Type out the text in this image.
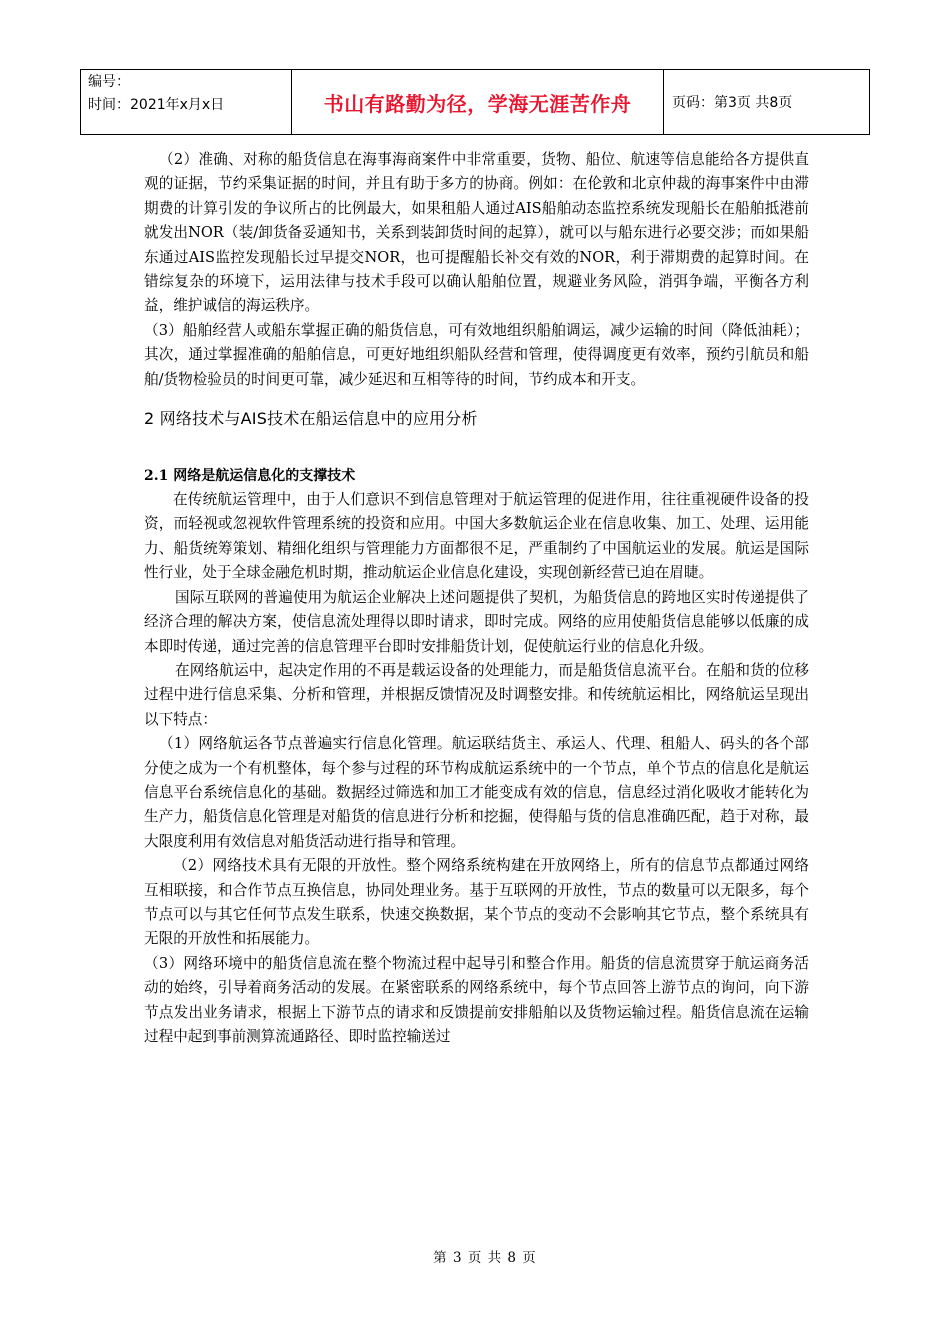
编号：
时间：2021年x月x日	书山有路勤为径，学海无涯苦作舟	页码：第3页 共8页

（2）准确、对称的船货信息在海事海商案件中非常重要，货物、船位、航速等信息能给各方提供直观的证据，节约采集证据的时间，并且有助于多方的协商。例如：在伦敦和北京仲裁的海事案件中由滞期费的计算引发的争议所占的比例最大，如果租船人通过AIS船舶动态监控系统发现船长在船舶抵港前就发出NOR（装/卸货备妥通知书，关系到装卸货时间的起算），就可以与船东进行必要交涉；而如果船东通过AIS监控发现船长过早提交NOR，也可提醒船长补交有效的NOR，利于滞期费的起算时间。在错综复杂的环境下，运用法律与技术手段可以确认船舶位置，规避业务风险，消弭争端，平衡各方利益，维护诚信的海运秩序。

（3）船舶经营人或船东掌握正确的船货信息，可有效地组织船舶调运，减少运输的时间（降低油耗）；其次，通过掌握准确的船舶信息，可更好地组织船队经营和管理，使得调度更有效率，预约引航员和船舶/货物检验员的时间更可靠，减少延迟和互相等待的时间，节约成本和开支。

2 网络技术与AIS技术在船运信息中的应用分析
2.1 网络是航运信息化的支撑技术

在传统航运管理中，由于人们意识不到信息管理对于航运管理的促进作用，往往重视硬件设备的投资，而轻视或忽视软件管理系统的投资和应用。中国大多数航运企业在信息收集、加工、处理、运用能力、船货统筹策划、精细化组织与管理能力方面都很不足，严重制约了中国航运业的发展。航运是国际性行业，处于全球金融危机时期，推动航运企业信息化建设，实现创新经营已迫在眉睫。

国际互联网的普遍使用为航运企业解决上述问题提供了契机，为船货信息的跨地区实时传递提供了经济合理的解决方案，使信息流处理得以即时请求，即时完成。网络的应用使船货信息能够以低廉的成本即时传递，通过完善的信息管理平台即时安排船货计划，促使航运行业的信息化升级。

在网络航运中，起决定作用的不再是载运设备的处理能力，而是船货信息流平台。在船和货的位移过程中进行信息采集、分析和管理，并根据反馈情况及时调整安排。和传统航运相比，网络航运呈现出以下特点：

（1）网络航运各节点普遍实行信息化管理。航运联结货主、承运人、代理、租船人、码头的各个部分使之成为一个有机整体，每个参与过程的环节构成航运系统中的一个节点，单个节点的信息化是航运信息平台系统信息化的基础。数据经过筛选和加工才能变成有效的信息，信息经过消化吸收才能转化为生产力，船货信息化管理是对船货的信息进行分析和挖掘，使得船与货的信息准确匹配，趋于对称，最大限度利用有效信息对船货活动进行指导和管理。

（2）网络技术具有无限的开放性。整个网络系统构建在开放网络上，所有的信息节点都通过网络互相联接，和合作节点互换信息，协同处理业务。基于互联网的开放性，节点的数量可以无限多，每个节点可以与其它任何节点发生联系，快速交换数据，某个节点的变动不会影响其它节点，整个系统具有无限的开放性和拓展能力。

（3）网络环境中的船货信息流在整个物流过程中起导引和整合作用。船货的信息流贯穿于航运商务活动的始终，引导着商务活动的发展。在紧密联系的网络系统中，每个节点回答上游节点的询问，向下游节点发出业务请求，根据上下游节点的请求和反馈提前安排船舶以及货物运输过程。船货信息流在运输过程中起到事前测算流通路径、即时监控输送过

第 3 页 共 8 页
